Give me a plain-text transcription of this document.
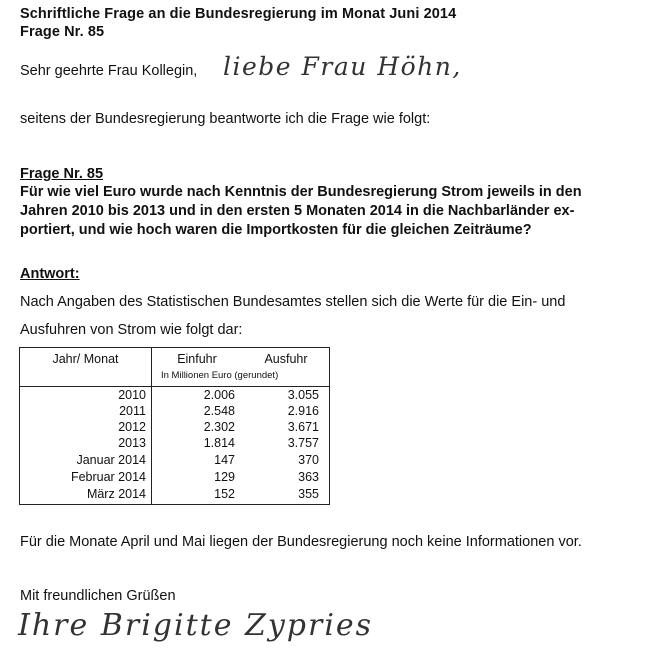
Schriftliche Frage an die Bundesregierung im Monat Juni 2014
Frage Nr. 85
Sehr geehrte Frau Kollegin, liebe Frau Höhn,
seitens der Bundesregierung beantworte ich die Frage wie folgt:
Frage Nr. 85
Für wie viel Euro wurde nach Kenntnis der Bundesregierung Strom jeweils in den
Jahren 2010 bis 2013 und in den ersten 5 Monaten 2014 in die Nachbarländer ex-
portiert, und wie hoch waren die Importkosten für die gleichen Zeiträume?
Antwort:
Nach Angaben des Statistischen Bundesamtes stellen sich die Werte für die Ein- und
Ausfuhren von Strom wie folgt dar:
Jahr/ Monat	Einfuhr	Ausfuhr
In Millionen Euro (gerundet)
2010	2.006	3.055
2011	2.548	2.916
2012	2.302	3.671
2013	1.814	3.757
Januar 2014	147	370
Februar 2014	129	363
März 2014	152	355
Für die Monate April und Mai liegen der Bundesregierung noch keine Informationen vor.
Mit freundlichen Grüßen
Ihre Brigitte Zypries
